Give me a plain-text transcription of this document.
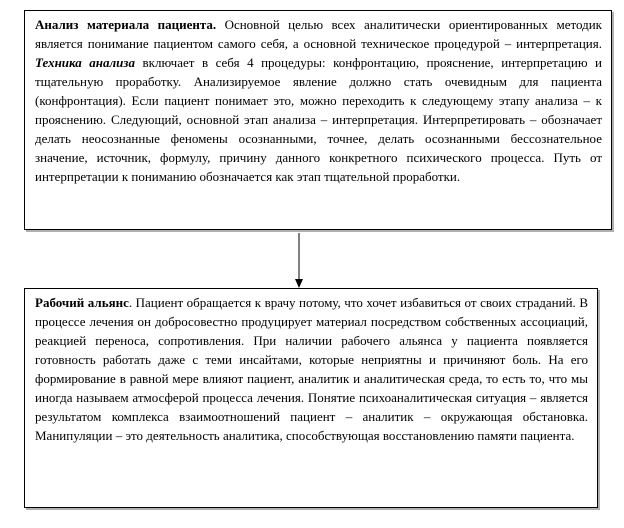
Анализ материала пациента. Основной целью всех аналитически ориентированных методик является понимание пациентом самого себя, а основной техническое процедурой – интерпретация. Техника анализа включает в себя 4 процедуры: конфронтацию, прояснение, интерпретацию и тщательную проработку. Анализируемое явление должно стать очевидным для пациента (конфронтация). Если пациент понимает это, можно переходить к следующему этапу анализа – к прояснению. Следующий, основной этап анализа – интерпретация. Интерпретировать – обозначает делать неосознанные феномены осознанными, точнее, делать осознанными бессознательное значение, источник, формулу, причину данного конкретного психического процесса. Путь от интерпретации к пониманию обозначается как этап тщательной проработки.
Рабочий альянс. Пациент обращается к врачу потому, что хочет избавиться от своих страданий. В процессе лечения он добросовестно продуцирует материал посредством собственных ассоциаций, реакцией переноса, сопротивления. При наличии рабочего альянса у пациента появляется готовность работать даже с теми инсайтами, которые неприятны и причиняют боль. На его формирование в равной мере влияют пациент, аналитик и аналитическая среда, то есть то, что мы иногда называем атмосферой процесса лечения. Понятие психоаналитическая ситуация – является результатом комплекса взаимоотношений пациент – аналитик – окружающая обстановка. Манипуляции – это деятельность аналитика, способствующая восстановлению памяти пациента.
